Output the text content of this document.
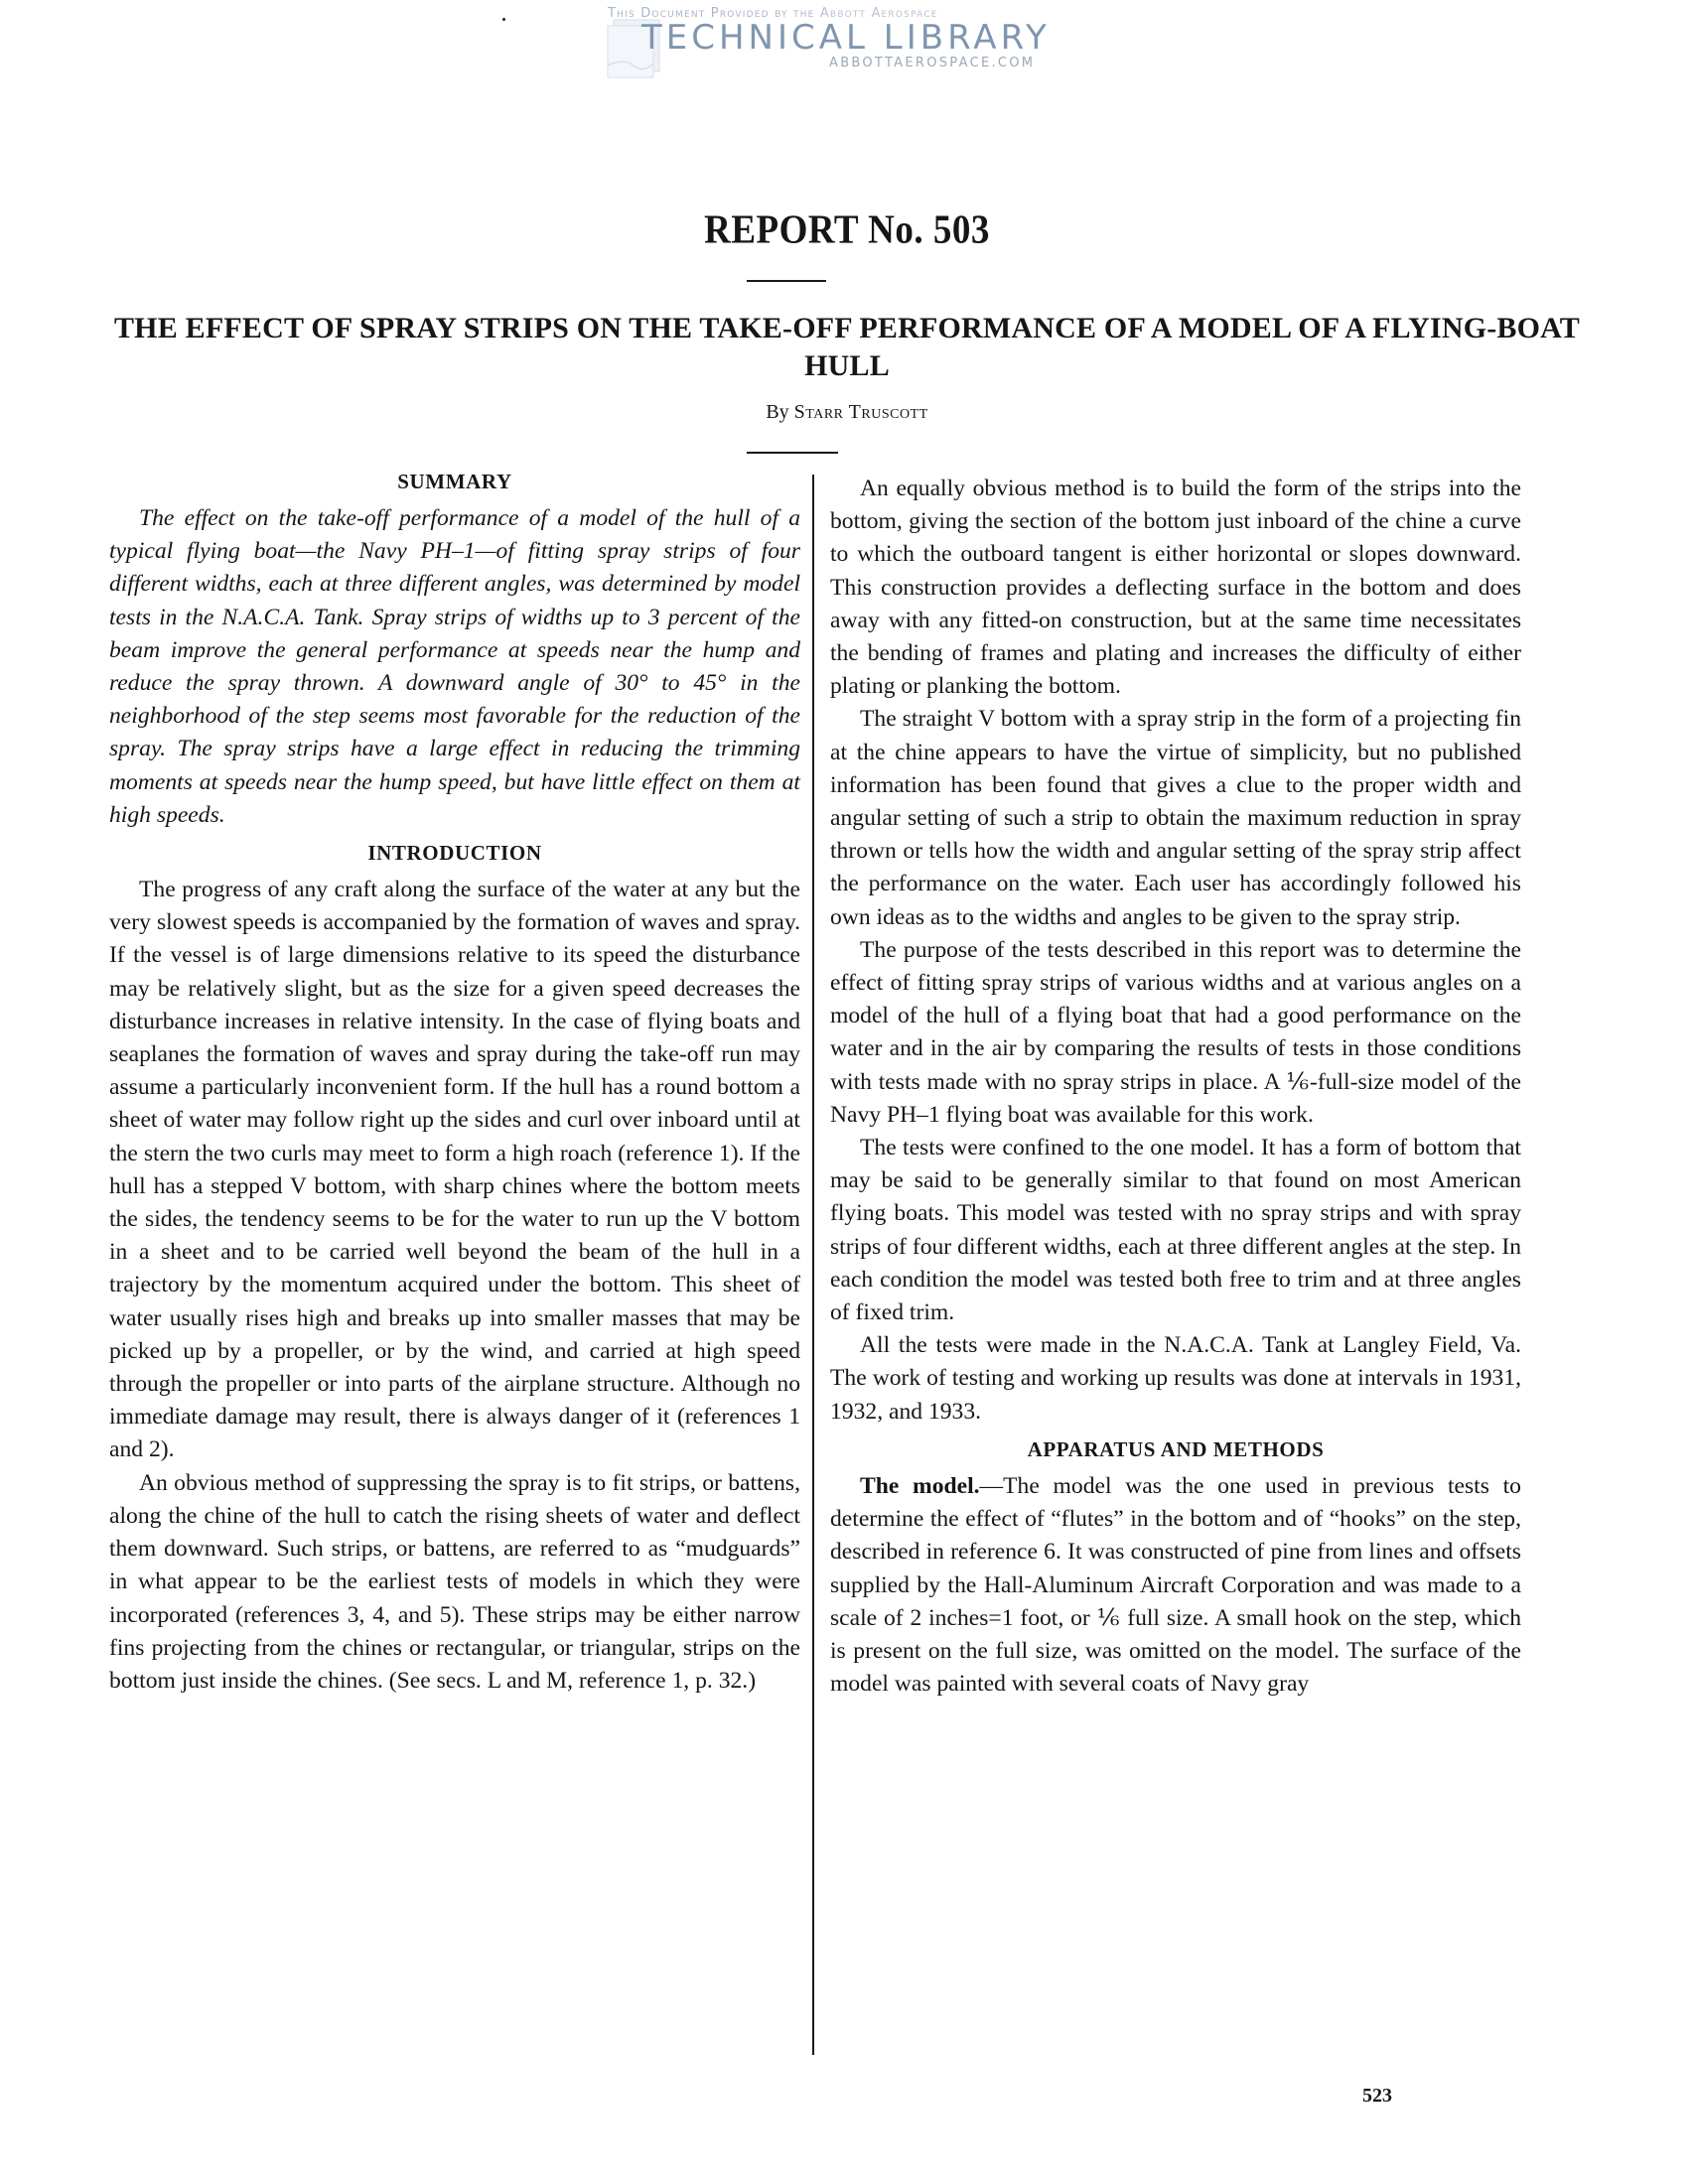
This Document Provided by the Abbott Aerospace
TECHNICAL LIBRARY
ABBOTTAEROSPACE.COM
REPORT No. 503
THE EFFECT OF SPRAY STRIPS ON THE TAKE-OFF PERFORMANCE OF A MODEL OF A FLYING-BOAT HULL
By Starr Truscott
SUMMARY

The effect on the take-off performance of a model of the hull of a typical flying boat—the Navy PH–1—of fitting spray strips of four different widths, each at three different angles, was determined by model tests in the N.A.C.A. Tank. Spray strips of widths up to 3 percent of the beam improve the general performance at speeds near the hump and reduce the spray thrown. A downward angle of 30° to 45° in the neighborhood of the step seems most favorable for the reduction of the spray. The spray strips have a large effect in reducing the trimming moments at speeds near the hump speed, but have little effect on them at high speeds.

INTRODUCTION

The progress of any craft along the surface of the water at any but the very slowest speeds is accompanied by the formation of waves and spray. If the vessel is of large dimensions relative to its speed the disturbance may be relatively slight, but as the size for a given speed decreases the disturbance increases in relative intensity. In the case of flying boats and seaplanes the formation of waves and spray during the take-off run may assume a particularly inconvenient form. If the hull has a round bottom a sheet of water may follow right up the sides and curl over inboard until at the stern the two curls may meet to form a high roach (reference 1). If the hull has a stepped V bottom, with sharp chines where the bottom meets the sides, the tendency seems to be for the water to run up the V bottom in a sheet and to be carried well beyond the beam of the hull in a trajectory by the momentum acquired under the bottom. This sheet of water usually rises high and breaks up into smaller masses that may be picked up by a propeller, or by the wind, and carried at high speed through the propeller or into parts of the airplane structure. Although no immediate damage may result, there is always danger of it (references 1 and 2).

An obvious method of suppressing the spray is to fit strips, or battens, along the chine of the hull to catch the rising sheets of water and deflect them downward. Such strips, or battens, are referred to as “mudguards” in what appear to be the earliest tests of models in which they were incorporated (references 3, 4, and 5). These strips may be either narrow fins projecting from the chines or rectangular, or triangular, strips on the bottom just inside the chines. (See secs. L and M, reference 1, p. 32.)

An equally obvious method is to build the form of the strips into the bottom, giving the section of the bottom just inboard of the chine a curve to which the outboard tangent is either horizontal or slopes downward. This construction provides a deflecting surface in the bottom and does away with any fitted-on construction, but at the same time necessitates the bending of frames and plating and increases the difficulty of either plating or planking the bottom.

The straight V bottom with a spray strip in the form of a projecting fin at the chine appears to have the virtue of simplicity, but no published information has been found that gives a clue to the proper width and angular setting of such a strip to obtain the maximum reduction in spray thrown or tells how the width and angular setting of the spray strip affect the performance on the water. Each user has accordingly followed his own ideas as to the widths and angles to be given to the spray strip.

The purpose of the tests described in this report was to determine the effect of fitting spray strips of various widths and at various angles on a model of the hull of a flying boat that had a good performance on the water and in the air by comparing the results of tests in those conditions with tests made with no spray strips in place. A ⅙-full-size model of the Navy PH–1 flying boat was available for this work.

The tests were confined to the one model. It has a form of bottom that may be said to be generally similar to that found on most American flying boats. This model was tested with no spray strips and with spray strips of four different widths, each at three different angles at the step. In each condition the model was tested both free to trim and at three angles of fixed trim.

All the tests were made in the N.A.C.A. Tank at Langley Field, Va. The work of testing and working up results was done at intervals in 1931, 1932, and 1933.

APPARATUS AND METHODS

The model.—The model was the one used in previous tests to determine the effect of “flutes” in the bottom and of “hooks” on the step, described in reference 6. It was constructed of pine from lines and offsets supplied by the Hall-Aluminum Aircraft Corporation and was made to a scale of 2 inches=1 foot, or ⅙ full size. A small hook on the step, which is present on the full size, was omitted on the model. The surface of the model was painted with several coats of Navy gray

523
